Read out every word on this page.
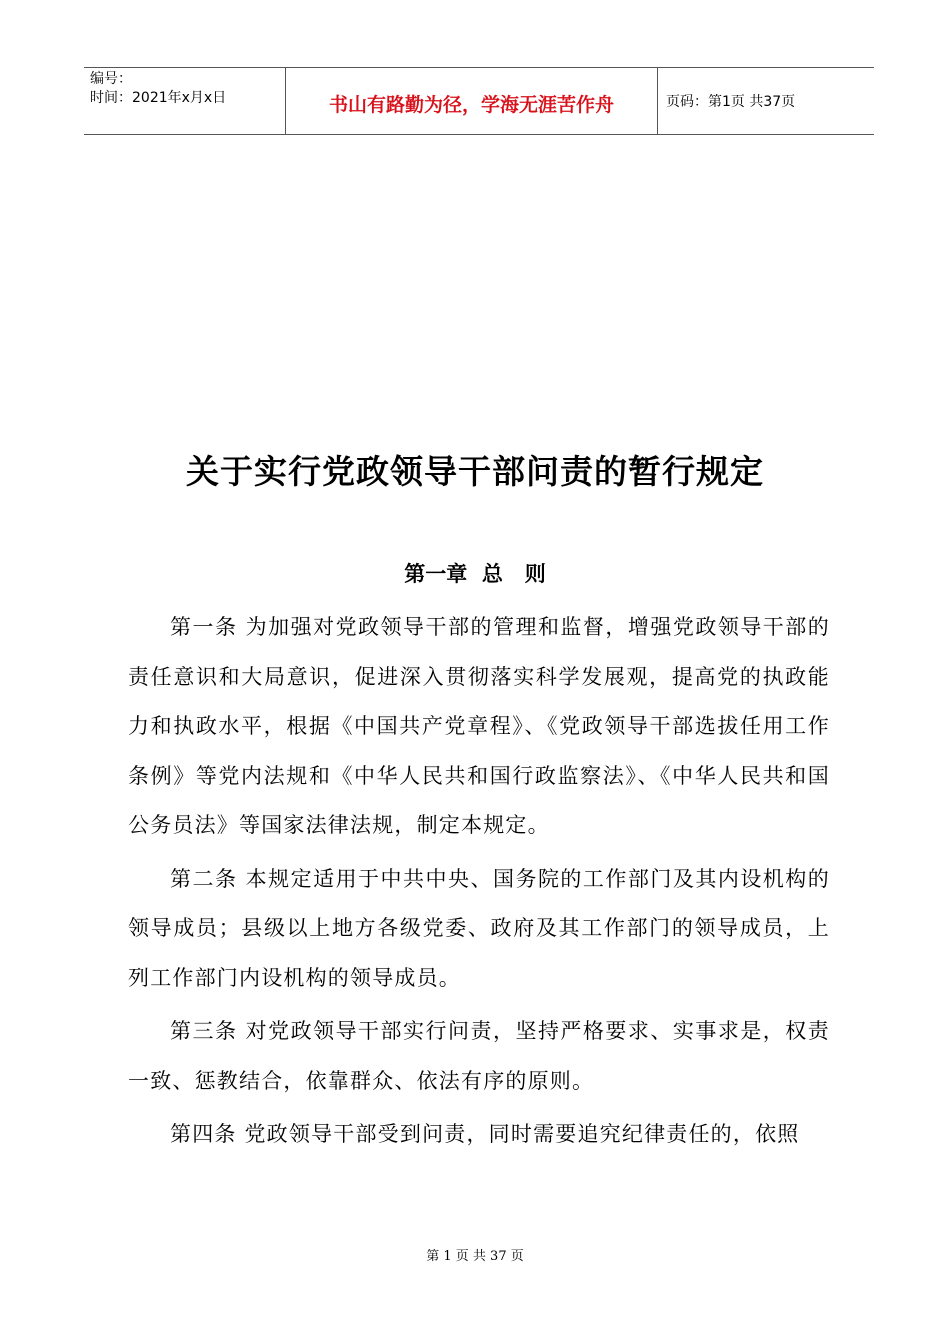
编号：
时间：2021年x月x日	书山有路勤为径，学海无涯苦作舟	页码：第1页 共37页
关于实行党政领导干部问责的暂行规定
第一章  总   则

第一条 为加强对党政领导干部的管理和监督，增强党政领导干部的责任意识和大局意识，促进深入贯彻落实科学发展观，提高党的执政能力和执政水平，根据《中国共产党章程》、《党政领导干部选拔任用工作条例》等党内法规和《中华人民共和国行政监察法》、《中华人民共和国公务员法》等国家法律法规，制定本规定。

第二条 本规定适用于中共中央、国务院的工作部门及其内设机构的领导成员；县级以上地方各级党委、政府及其工作部门的领导成员，上列工作部门内设机构的领导成员。

第三条 对党政领导干部实行问责，坚持严格要求、实事求是，权责一致、惩教结合，依靠群众、依法有序的原则。

第四条 党政领导干部受到问责，同时需要追究纪律责任的，依照

第 1 页 共 37 页
